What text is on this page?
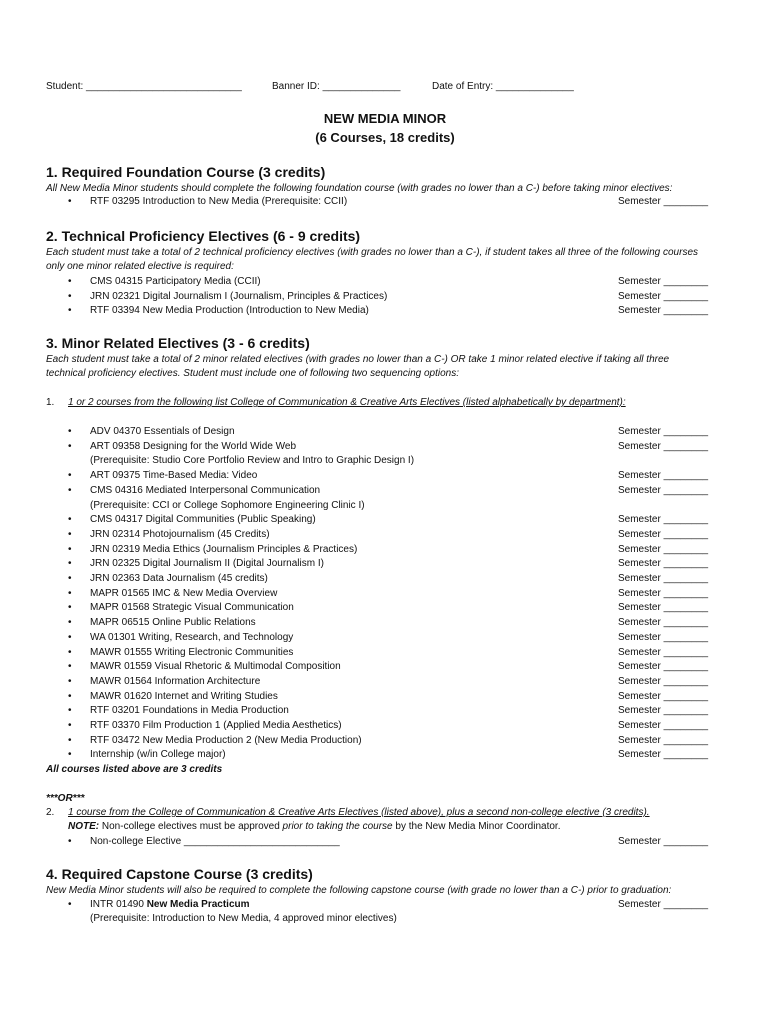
Student: ____________________________	Banner ID: ______________	Date of Entry: ______________
NEW MEDIA MINOR
(6 Courses, 18 credits)
1. Required Foundation Course (3 credits)
All New Media Minor students should complete the following foundation course (with grades no lower than a C-) before taking minor electives:
• RTF 03295 Introduction to New Media (Prerequisite: CCII)	Semester ________
2. Technical Proficiency Electives (6 - 9 credits)
Each student must take a total of 2 technical proficiency electives (with grades no lower than a C-), if student takes all three of the following courses
only one minor related elective is required:
• CMS 04315 Participatory Media (CCII)	Semester ________
• JRN 02321 Digital Journalism I (Journalism, Principles & Practices)	Semester ________
• RTF 03394 New Media Production (Introduction to New Media)	Semester ________
3. Minor Related Electives (3 - 6 credits)
Each student must take a total of 2 minor related electives (with grades no lower than a C-) OR take 1 minor related elective if taking all three
technical proficiency electives. Student must include one of following two sequencing options:
1. 1 or 2 courses from the following list College of Communication & Creative Arts Electives (listed alphabetically by department):
• ADV 04370 Essentials of Design	Semester ________
• ART 09358 Designing for the World Wide Web	Semester ________
(Prerequisite: Studio Core Portfolio Review and Intro to Graphic Design I)
• ART 09375 Time-Based Media: Video	Semester ________
• CMS 04316 Mediated Interpersonal Communication	Semester ________
(Prerequisite: CCI or College Sophomore Engineering Clinic I)
• CMS 04317 Digital Communities (Public Speaking)	Semester ________
• JRN 02314 Photojournalism (45 Credits)	Semester ________
• JRN 02319 Media Ethics (Journalism Principles & Practices)	Semester ________
• JRN 02325 Digital Journalism II (Digital Journalism I)	Semester ________
• JRN 02363 Data Journalism (45 credits)	Semester ________
• MAPR 01565 IMC & New Media Overview	Semester ________
• MAPR 01568 Strategic Visual Communication	Semester ________
• MAPR 06515 Online Public Relations	Semester ________
• WA 01301 Writing, Research, and Technology	Semester ________
• MAWR 01555 Writing Electronic Communities	Semester ________
• MAWR 01559 Visual Rhetoric & Multimodal Composition	Semester ________
• MAWR 01564 Information Architecture	Semester ________
• MAWR 01620 Internet and Writing Studies	Semester ________
• RTF 03201 Foundations in Media Production	Semester ________
• RTF 03370 Film Production 1 (Applied Media Aesthetics)	Semester ________
• RTF 03472 New Media Production 2 (New Media Production)	Semester ________
• Internship (w/in College major)	Semester ________
All courses listed above are 3 credits
***OR***
2. 1 course from the College of Communication & Creative Arts Electives (listed above), plus a second non-college elective (3 credits).
NOTE: Non-college electives must be approved prior to taking the course by the New Media Minor Coordinator.
• Non-college Elective ____________________________	Semester ________
4. Required Capstone Course (3 credits)
New Media Minor students will also be required to complete the following capstone course (with grade no lower than a C-) prior to graduation:
• INTR 01490 New Media Practicum	Semester ________
(Prerequisite: Introduction to New Media, 4 approved minor electives)
